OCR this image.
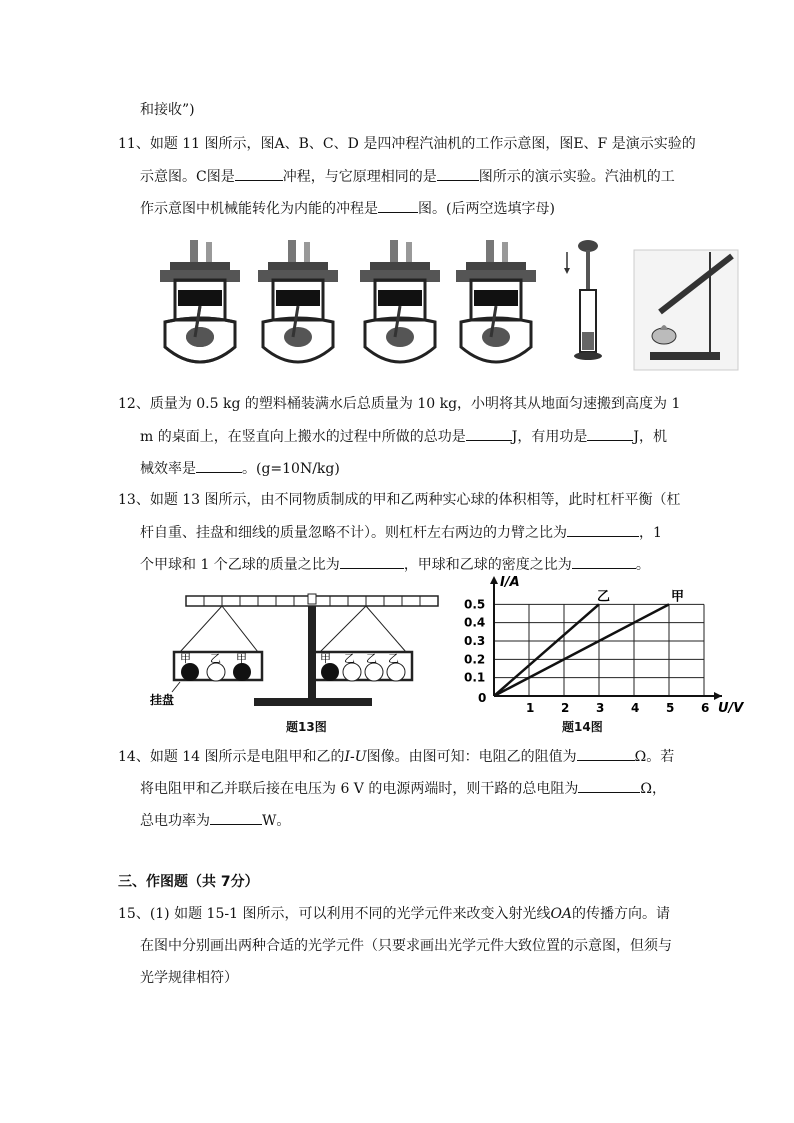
和接收”)
11、如题 11 图所示，图A、B、C、D 是四冲程汽油机的工作示意图，图E、F 是演示实验的
示意图。C图是	冲程，与它原理相同的是	图所示的演示实验。汽油机的工
作示意图中机械能转化为内能的冲程是	图。(后两空选填字母)
12、质量为 0.5 kg 的塑料桶装满水后总质量为 10 kg，小明将其从地面匀速搬到高度为 1
m 的桌面上，在竖直向上搬水的过程中所做的总功是	J，有用功是	J，机
械效率是	。(g=10N/kg)
13、如题 13 图所示，由不同物质制成的甲和乙两种实心球的体积相等，此时杠杆平衡（杠
杆自重、挂盘和细线的质量忽略不计）。则杠杆左右两边的力臂之比为	，1
个甲球和 1 个乙球的质量之比为	，甲球和乙球的密度之比为	。
甲 乙 甲	甲 乙 乙 乙
挂盘
题13图
0
1 2 3 4 5 6
0.1
0.2
0.3
0.4
0.5	乙	甲
I/A
U/V
题14图
14、如题 14 图所示是电阻甲和乙的I-U图像。由图可知：电阻乙的阻值为	Ω。若
将电阻甲和乙并联后接在电压为 6 V 的电源两端时，则干路的总电阻为	Ω，
总电功率为	W。
三、作图题（共 7分）
15、(1) 如题 15-1 图所示，可以利用不同的光学元件来改变入射光线OA的传播方向。请
在图中分别画出两种合适的光学元件（只要求画出光学元件大致位置的示意图，但须与
光学规律相符）
